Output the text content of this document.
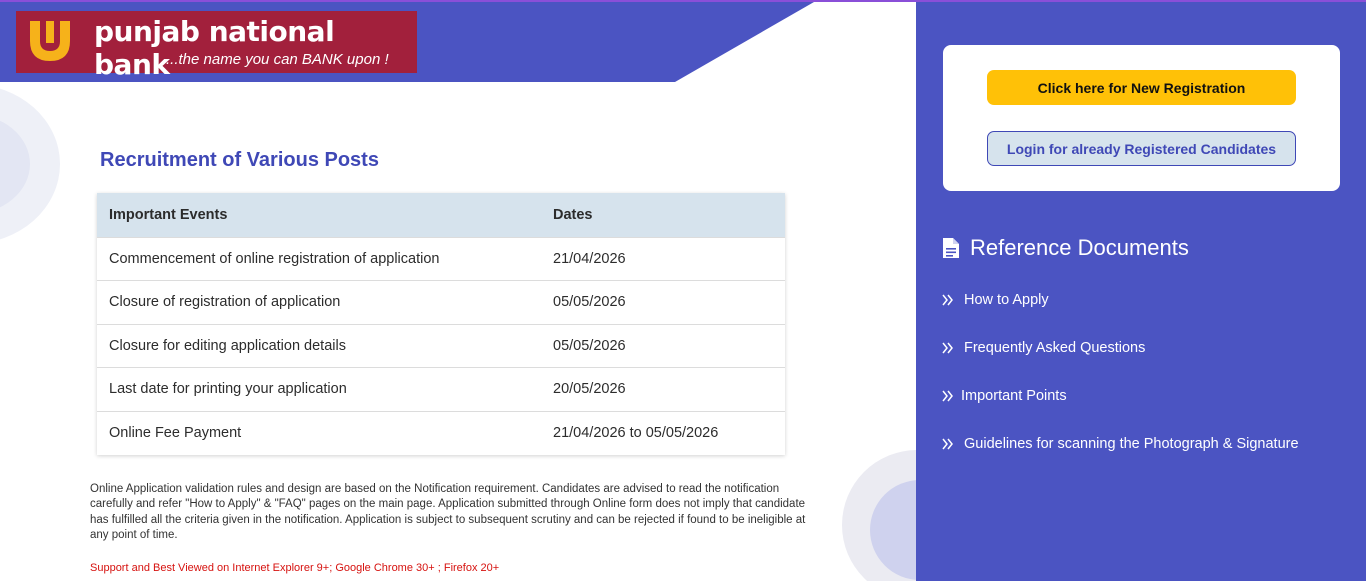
punjab national bank
...the name you can BANK upon !
Recruitment of Various Posts
Important Events	Dates
Commencement of online registration of application	21/04/2026
Closure of registration of application	05/05/2026
Closure for editing application details	05/05/2026
Last date for printing your application	20/05/2026
Online Fee Payment	21/04/2026 to 05/05/2026

Online Application validation rules and design are based on the Notification requirement. Candidates are advised to read the notification carefully and refer "How to Apply" & "FAQ" pages on the main page. Application submitted through Online form does not imply that candidate has fulfilled all the criteria given in the notification. Application is subject to subsequent scrutiny and can be rejected if found to be ineligible at any point of time.

Support and Best Viewed on Internet Explorer 9+; Google Chrome 30+ ; Firefox 20+

Click here for New Registration
Login for already Registered Candidates
Reference Documents
How to Apply
Frequently Asked Questions
Important Points
Guidelines for scanning the Photograph & Signature
